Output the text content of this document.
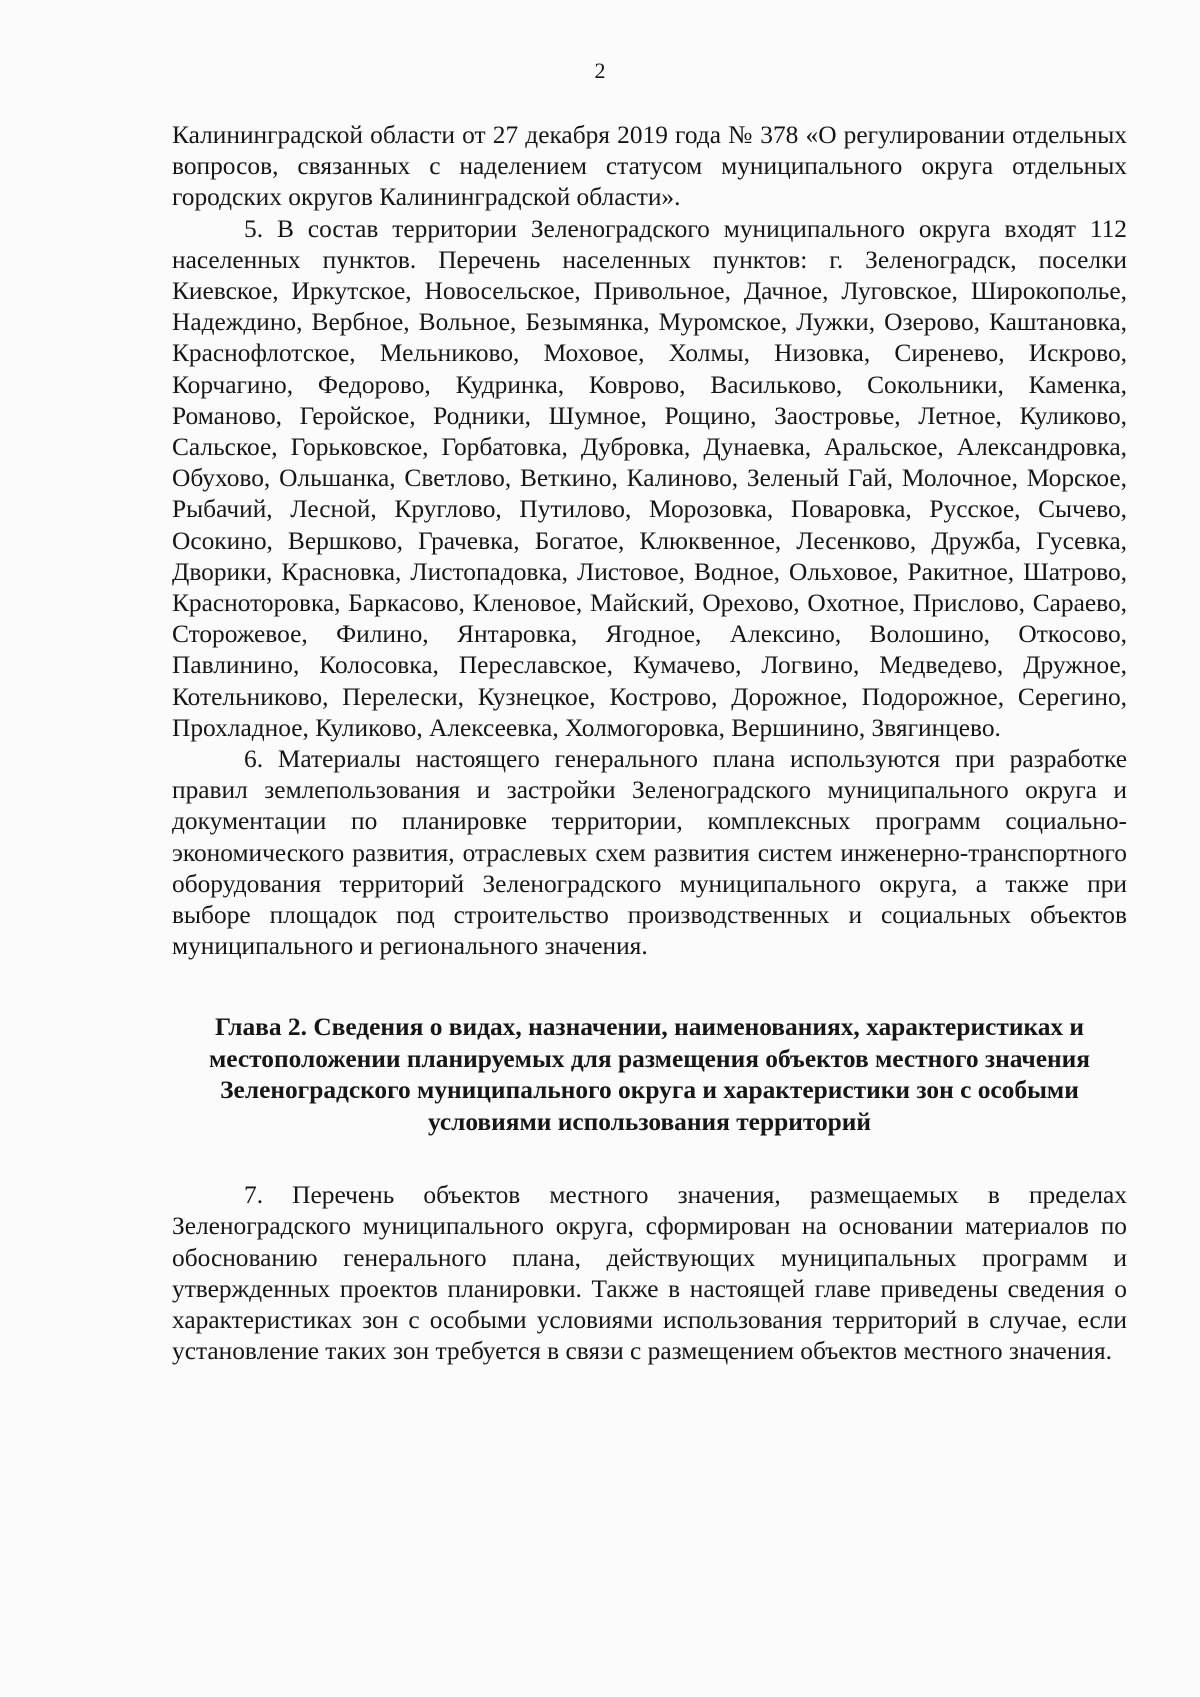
2

Калининградской области от 27 декабря 2019 года № 378 «О регулировании отдельных вопросов, связанных с наделением статусом муниципального округа отдельных городских округов Калининградской области».

5. В состав территории Зеленоградского муниципального округа входят 112 населенных пунктов. Перечень населенных пунктов: г. Зеленоградск, поселки Киевское, Иркутское, Новосельское, Привольное, Дачное, Луговское, Широкополье, Надеждино, Вербное, Вольное, Безымянка, Муромское, Лужки, Озерово, Каштановка, Краснофлотское, Мельниково, Моховое, Холмы, Низовка, Сиренево, Искрово, Корчагино, Федорово, Кудринка, Коврово, Васильково, Сокольники, Каменка, Романово, Геройское, Родники, Шумное, Рощино, Заостровье, Летное, Куликово, Сальское, Горьковское, Горбатовка, Дубровка, Дунаевка, Аральское, Александровка, Обухово, Ольшанка, Светлово, Веткино, Калиново, Зеленый Гай, Молочное, Морское, Рыбачий, Лесной, Круглово, Путилово, Морозовка, Поваровка, Русское, Сычево, Осокино, Вершково, Грачевка, Богатое, Клюквенное, Лесенково, Дружба, Гусевка, Дворики, Красновка, Листопадовка, Листовое, Водное, Ольховое, Ракитное, Шатрово, Красноторовка, Баркасово, Кленовое, Майский, Орехово, Охотное, Прислово, Сараево, Сторожевое, Филино, Янтаровка, Ягодное, Алексино, Волошино, Откосово, Павлинино, Колосовка, Переславское, Кумачево, Логвино, Медведево, Дружное, Котельниково, Перелески, Кузнецкое, Кострово, Дорожное, Подорожное, Серегино, Прохладное, Куликово, Алексеевка, Холмогоровка, Вершинино, Звягинцево.

6. Материалы настоящего генерального плана используются при разработке правил землепользования и застройки Зеленоградского муниципального округа и документации по планировке территории, комплексных программ социально-экономического развития, отраслевых схем развития систем инженерно-транспортного оборудования территорий Зеленоградского муниципального округа, а также при выборе площадок под строительство производственных и социальных объектов муниципального и регионального значения.

Глава 2. Сведения о видах, назначении, наименованиях, характеристиках и местоположении планируемых для размещения объектов местного значения Зеленоградского муниципального округа и характеристики зон с особыми условиями использования территорий

7. Перечень объектов местного значения, размещаемых в пределах Зеленоградского муниципального округа, сформирован на основании материалов по обоснованию генерального плана, действующих муниципальных программ и утвержденных проектов планировки. Также в настоящей главе приведены сведения о характеристиках зон с особыми условиями использования территорий в случае, если установление таких зон требуется в связи с размещением объектов местного значения.
